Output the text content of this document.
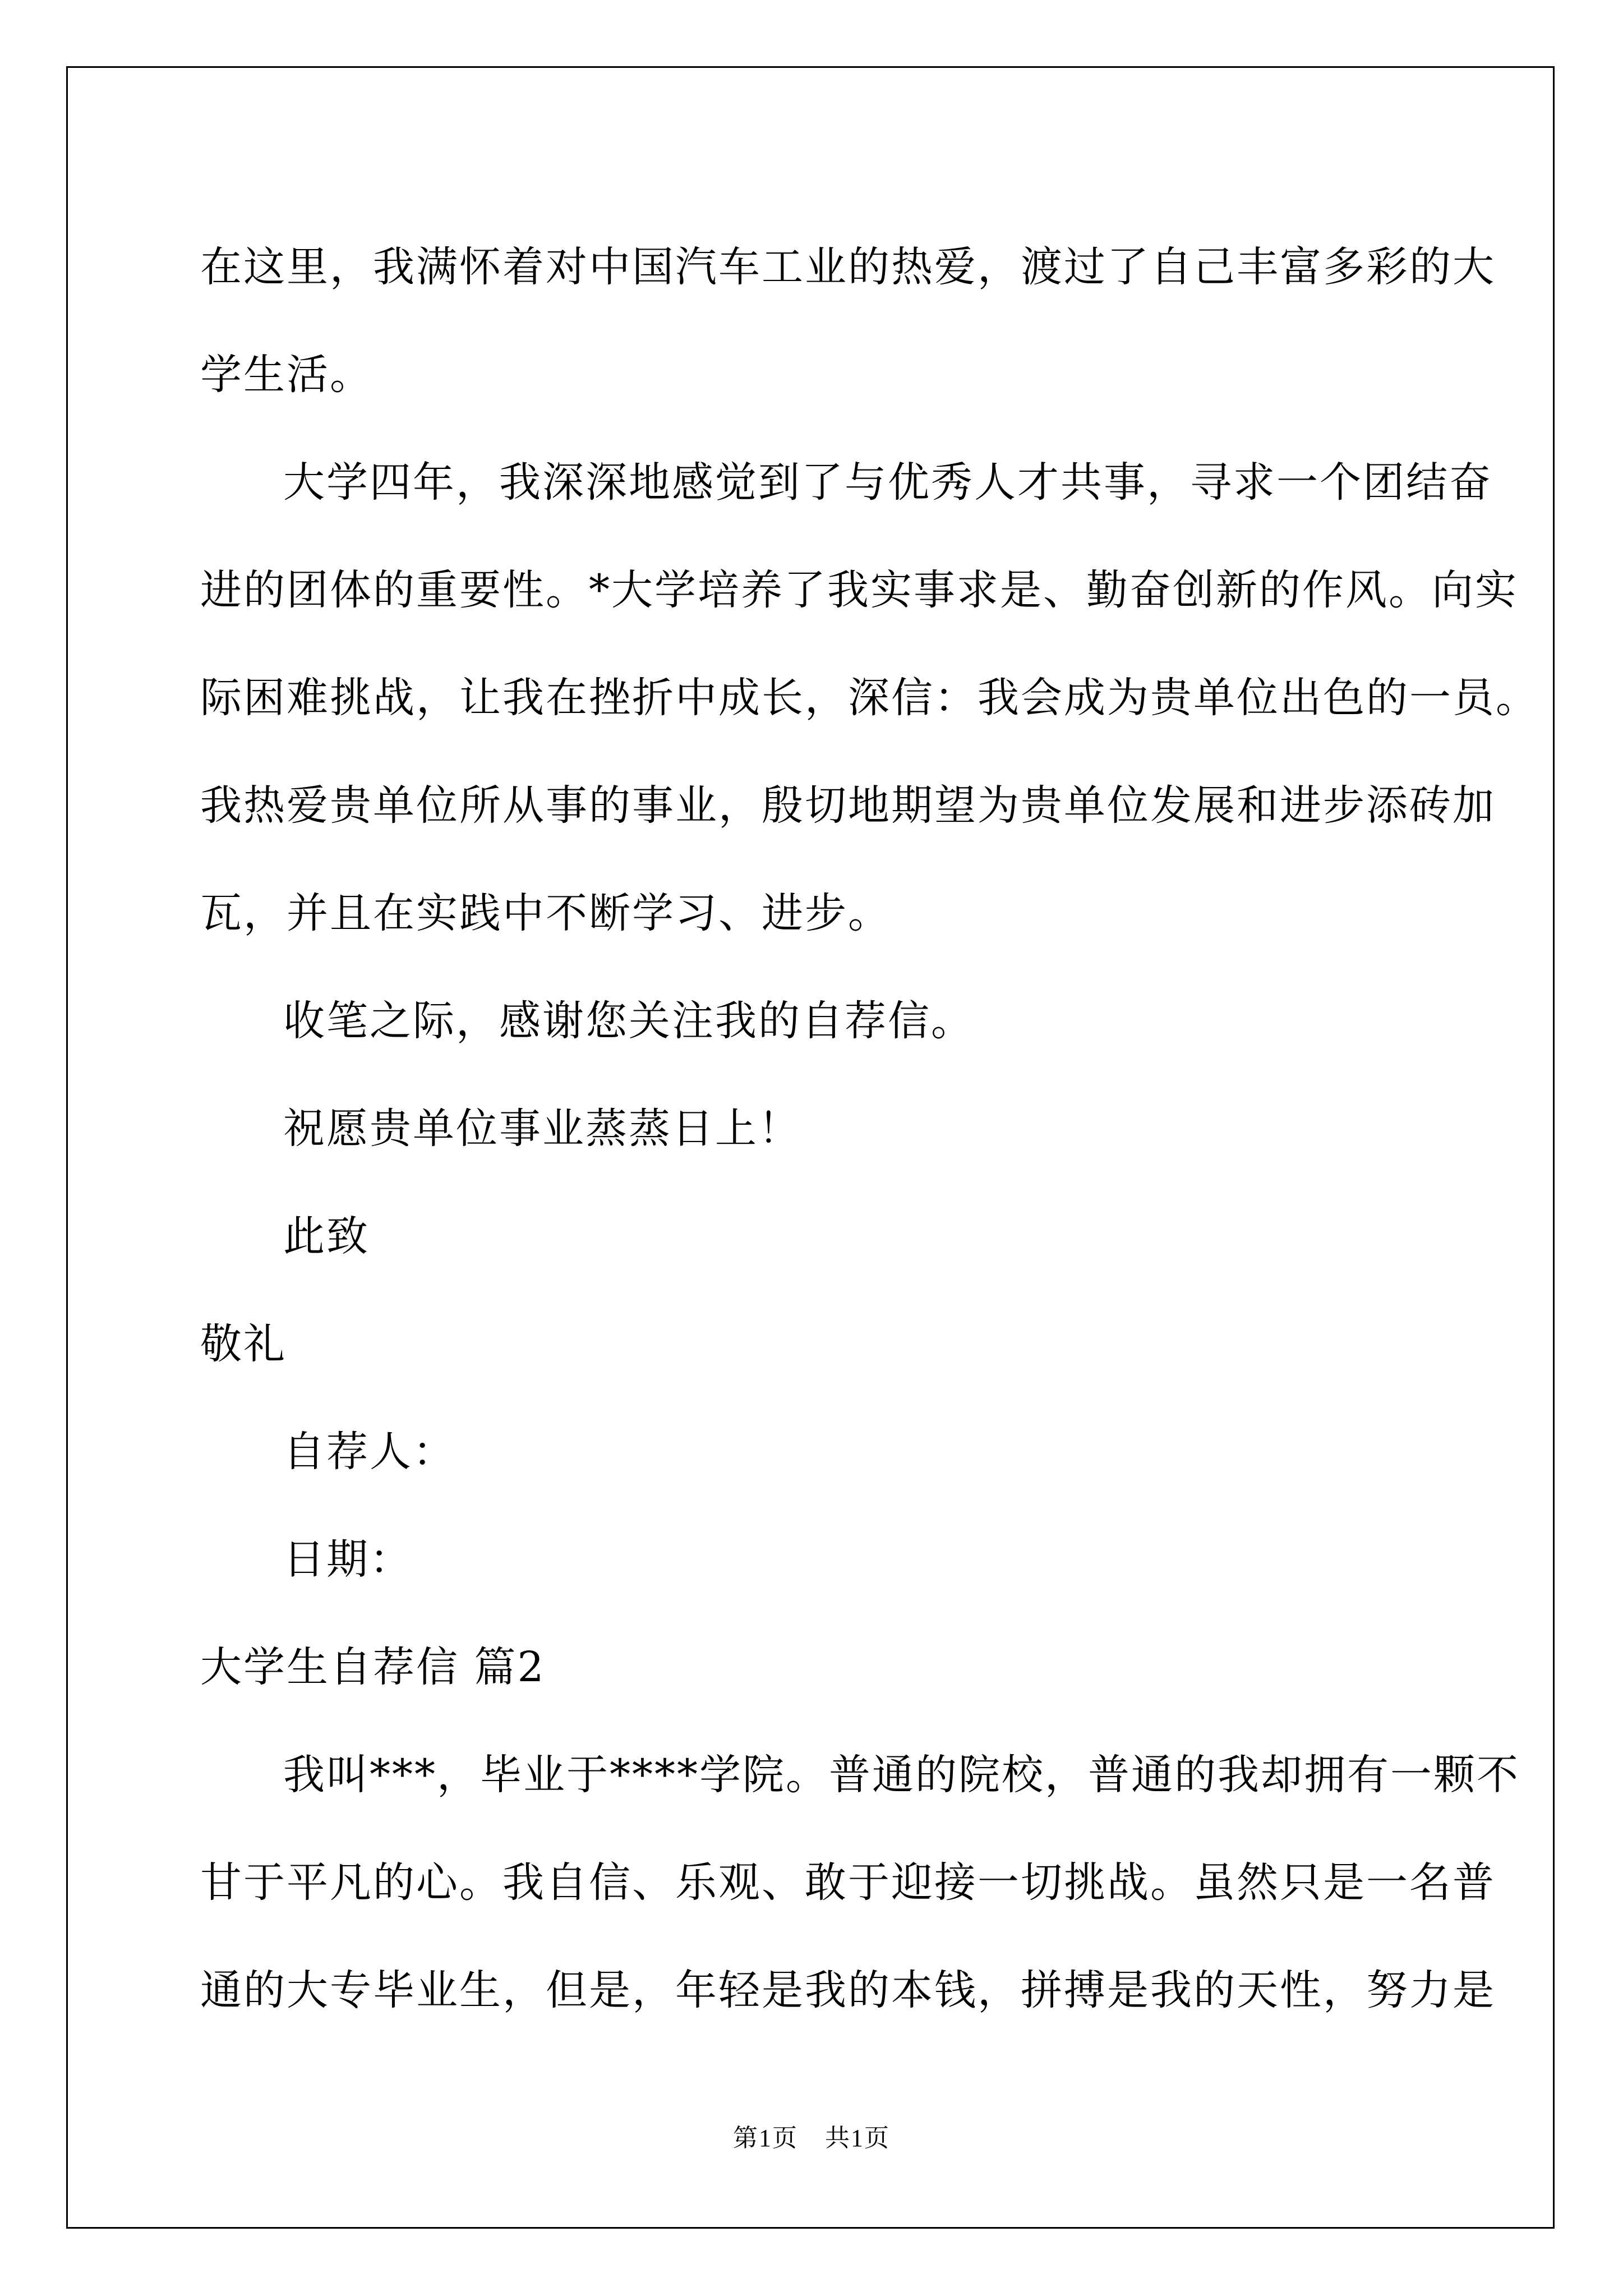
在这里，我满怀着对中国汽车工业的热爱，渡过了自己丰富多彩的大
学生活。
大学四年，我深深地感觉到了与优秀人才共事，寻求一个团结奋
进的团体的重要性。*大学培养了我实事求是、勤奋创新的作风。向实
际困难挑战，让我在挫折中成长，深信：我会成为贵单位出色的一员。
我热爱贵单位所从事的事业，殷切地期望为贵单位发展和进步添砖加
瓦，并且在实践中不断学习、进步。
收笔之际，感谢您关注我的自荐信。
祝愿贵单位事业蒸蒸日上！
此致
敬礼
自荐人：
日期：
大学生自荐信 篇2
我叫***，毕业于****学院。普通的院校，普通的我却拥有一颗不
甘于平凡的心。我自信、乐观、敢于迎接一切挑战。虽然只是一名普
通的大专毕业生，但是，年轻是我的本钱，拼搏是我的天性，努力是
第1页 共1页
